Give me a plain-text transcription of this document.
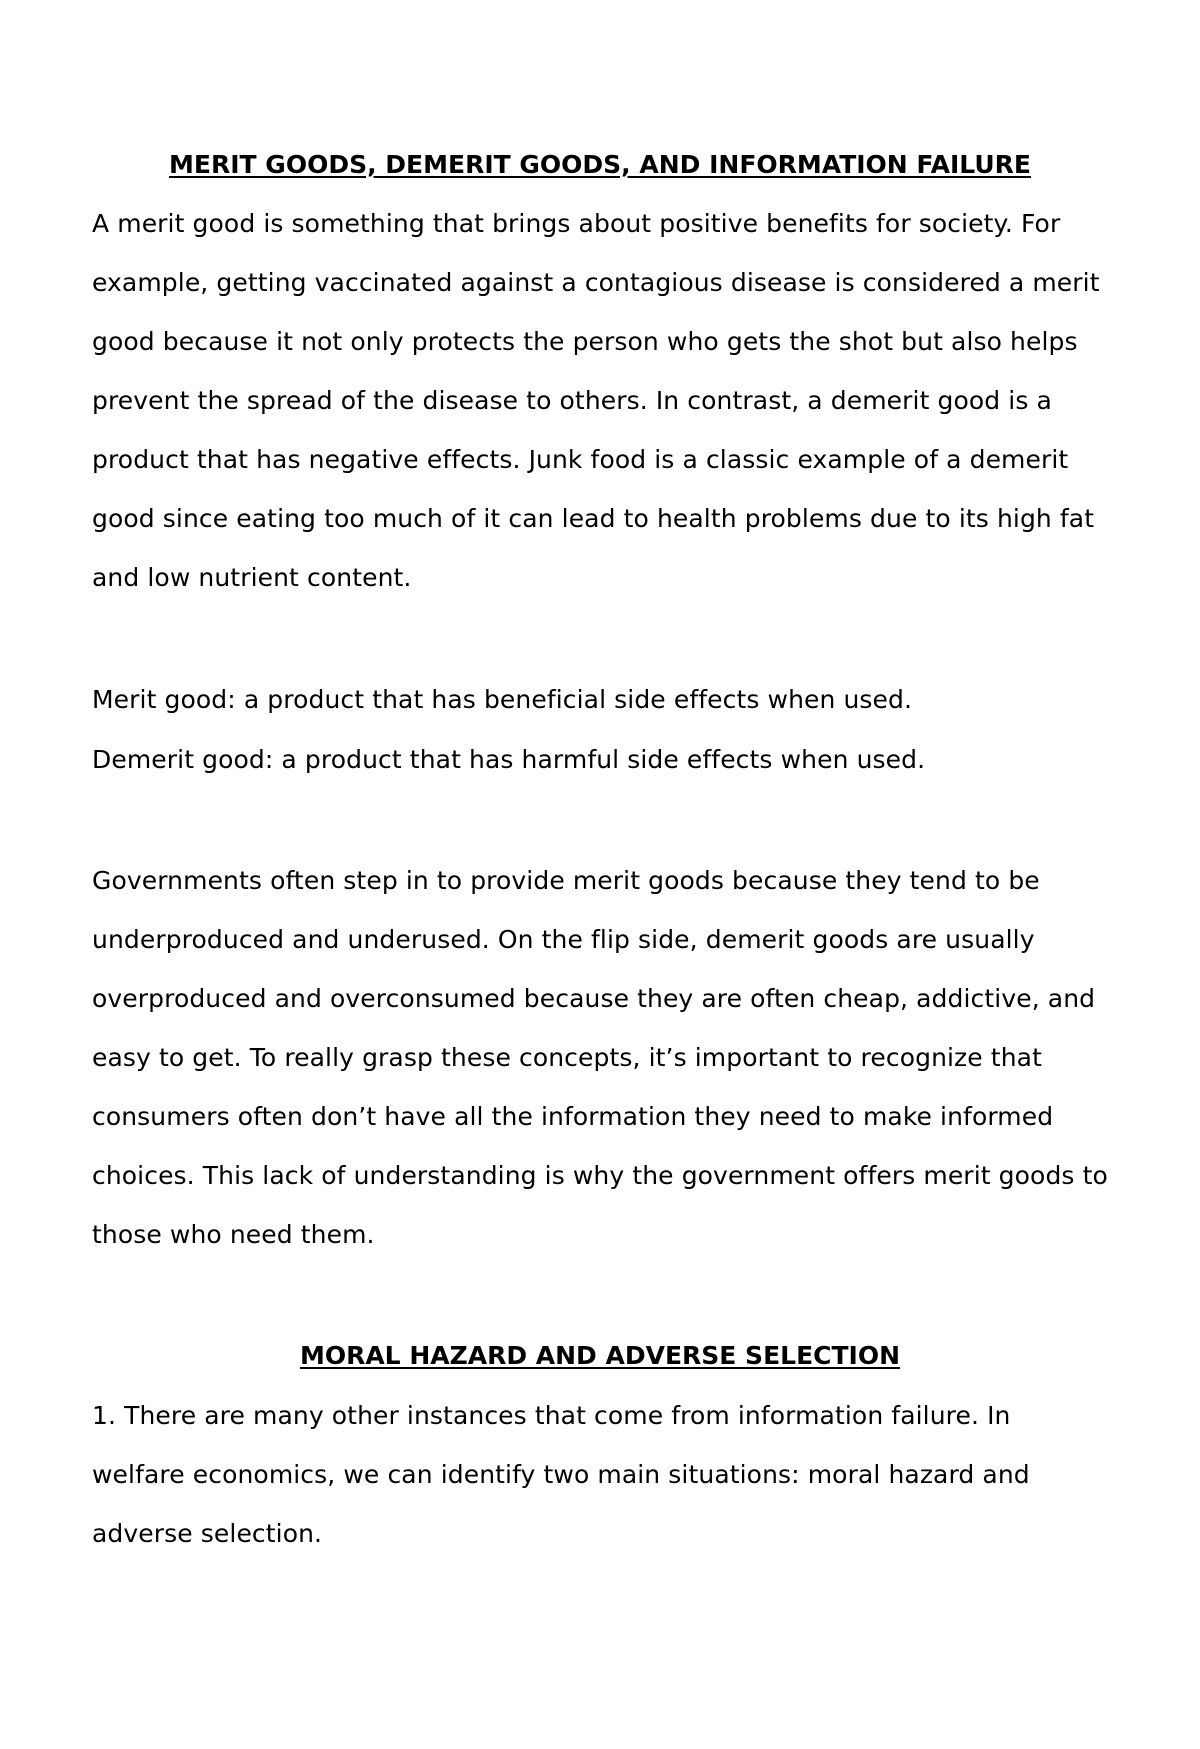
MERIT GOODS, DEMERIT GOODS, AND INFORMATION FAILURE
A merit good is something that brings about positive benefits for society. For
example, getting vaccinated against a contagious disease is considered a merit
good because it not only protects the person who gets the shot but also helps
prevent the spread of the disease to others. In contrast, a demerit good is a
product that has negative effects. Junk food is a classic example of a demerit
good since eating too much of it can lead to health problems due to its high fat
and low nutrient content.
Merit good: a product that has beneficial side effects when used.
Demerit good: a product that has harmful side effects when used.
Governments often step in to provide merit goods because they tend to be
underproduced and underused. On the flip side, demerit goods are usually
overproduced and overconsumed because they are often cheap, addictive, and
easy to get. To really grasp these concepts, it’s important to recognize that
consumers often don’t have all the information they need to make informed
choices. This lack of understanding is why the government offers merit goods to
those who need them.
MORAL HAZARD AND ADVERSE SELECTION
1. There are many other instances that come from information failure. In
welfare economics, we can identify two main situations: moral hazard and
adverse selection.
